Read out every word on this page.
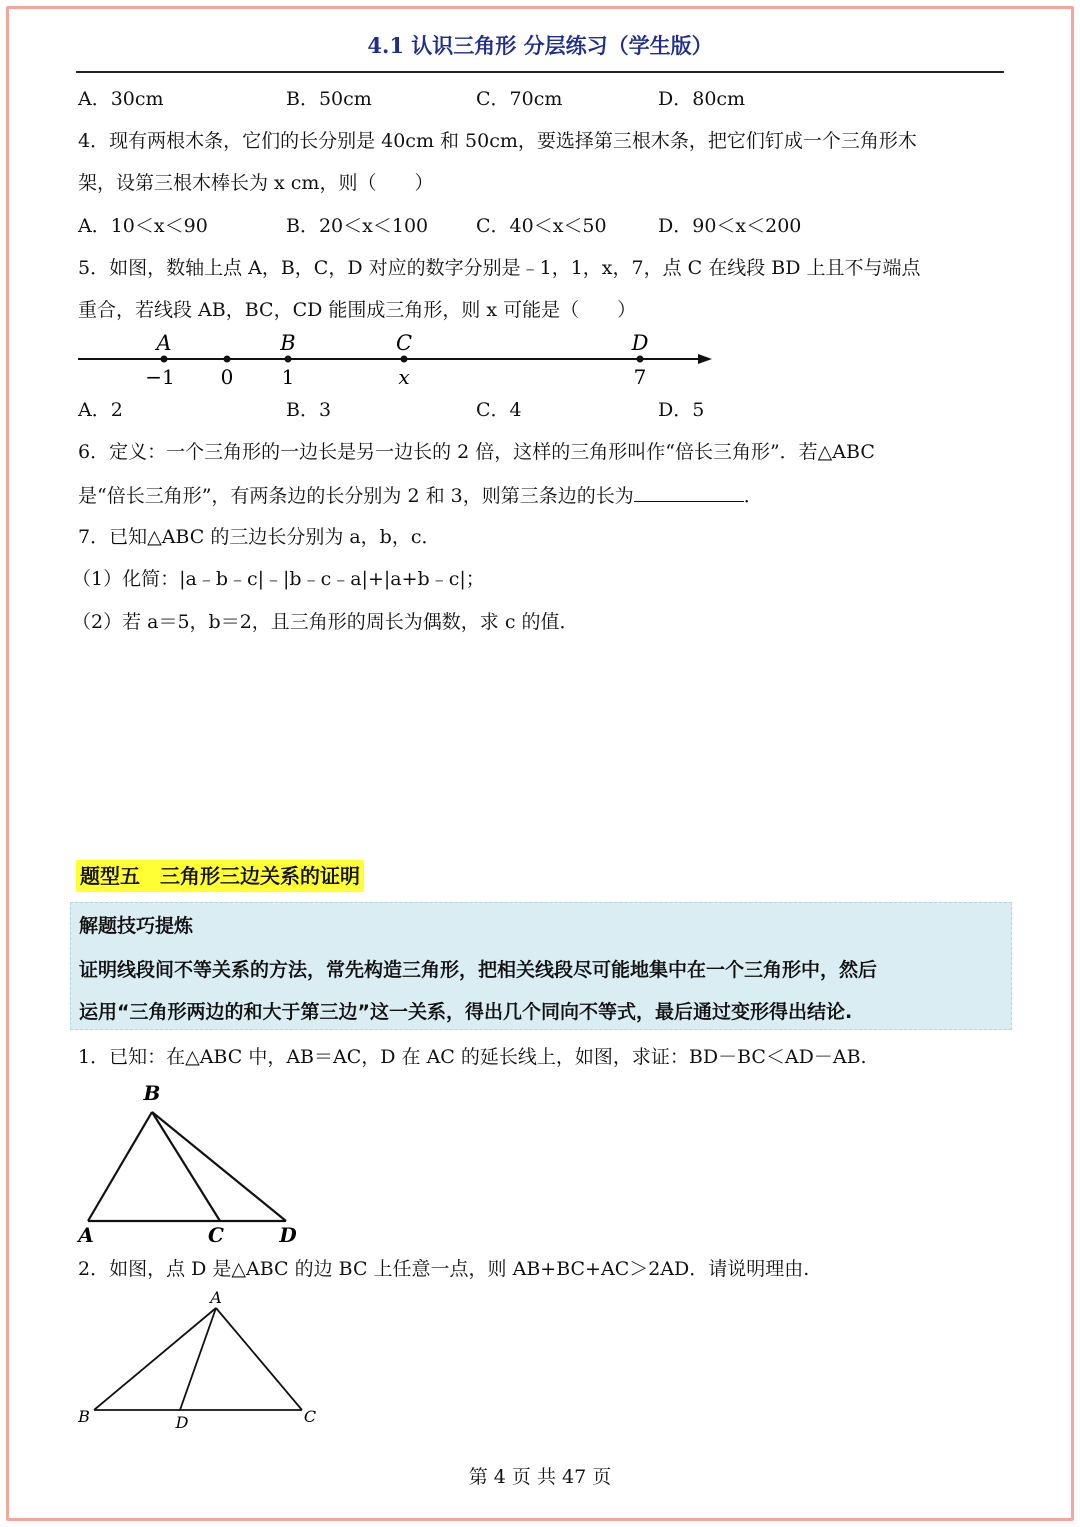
4.1 认识三角形 分层练习（学生版）
A．30cm	B．50cm	C．70cm	D．80cm
4．现有两根木条，它们的长分别是 40cm 和 50cm，要选择第三根木条，把它们钉成一个三角形木
架，设第三根木棒长为 x cm，则（　　）
A．10＜x＜90	B．20＜x＜100	C．40＜x＜50	D．90＜x＜200
5．如图，数轴上点 A，B，C，D 对应的数字分别是﹣1，1，x，7，点 C 在线段 BD 上且不与端点
重合，若线段 AB，BC，CD 能围成三角形，则 x 可能是（　　）
A	B	C	D
−1 0 1	x	7
A．2	B．3	C．4	D．5
6．定义：一个三角形的一边长是另一边长的 2 倍，这样的三角形叫作“倍长三角形”．若△ABC
是“倍长三角形”，有两条边的长分别为 2 和 3，则第三条边的长为	．
7．已知△ABC 的三边长分别为 a，b，c．
（1）化简：|a﹣b﹣c|﹣|b﹣c﹣a|+|a+b﹣c|；
（2）若 a＝5，b＝2，且三角形的周长为偶数，求 c 的值．
题型五　三角形三边关系的证明
解题技巧提炼
证明线段间不等关系的方法，常先构造三角形，把相关线段尽可能地集中在一个三角形中，然后
运用“三角形两边的和大于第三边”这一关系，得出几个同向不等式，最后通过变形得出结论.
1．已知：在△ABC 中，AB＝AC，D 在 AC 的延长线上，如图，求证：BD－BC＜AD－AB.
B
A	C	D
2．如图，点 D 是△ABC 的边 BC 上任意一点，则 AB+BC+AC＞2AD．请说明理由.
A
B	D	C
第 4 页 共 47 页
